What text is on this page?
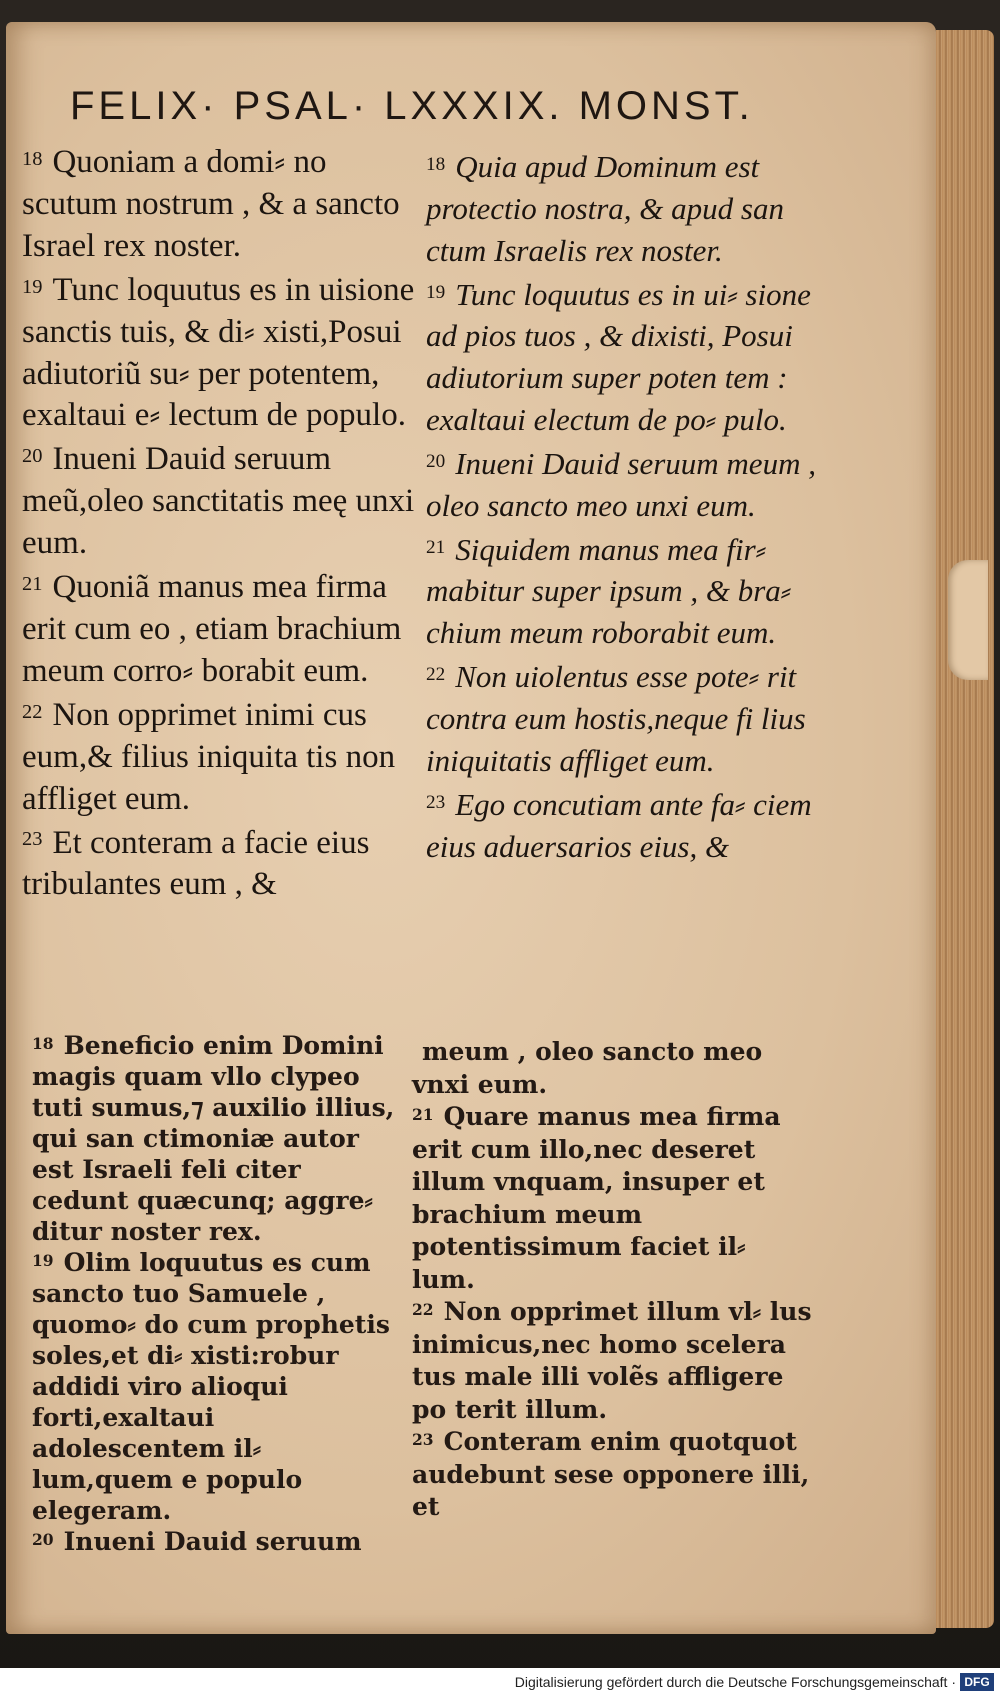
FELIX· PSAL· LXXXIX. MONST.
$^{18}$ Quoniam a domi⸗ no scutum nostrum , & a sancto Israel rex noster.
$^{19}$ Tunc loquutus es in uisione sanctis tuis, & di⸗ xisti,Posui adiutoriũ su⸗ per potentem, exaltaui e⸗ lectum de populo.
$^{20}$ Inueni Dauid seruum meũ,oleo sanctitatis meę unxi eum.
$^{21}$ Quoniã manus mea firma erit cum eo , etiam brachium meum corro⸗ borabit eum.
$^{22}$ Non opprimet inimi cus eum,& filius iniquita tis non affliget eum.
$^{23}$ Et conteram a facie eius tribulantes eum , &
$^{18}$ Quia apud Dominum est protectio nostra, & apud san ctum Israelis rex noster.
$^{19}$ Tunc loquutus es in ui⸗ sione ad pios tuos , & dixisti, Posui adiutorium super poten tem : exaltaui electum de po⸗ pulo.
$^{20}$ Inueni Dauid seruum meum , oleo sancto meo unxi eum.
$^{21}$ Siquidem manus mea fir⸗ mabitur super ipsum , & bra⸗ chium meum roborabit eum.
$^{22}$ Non uiolentus esse pote⸗ rit contra eum hostis,neque fi lius iniquitatis affliget eum.
$^{23}$ Ego concutiam ante fa⸗ ciem eius aduersarios eius, &
$^{18}$ Beneficio enim Domini magis quam vllo clypeo tuti sumus,⁊ auxilio illius, qui san ctimoniæ autor est Israeli feli citer cedunt quæcunq; aggre⸗ ditur noster rex.
$^{19}$ Olim loquutus es cum sancto tuo Samuele , quomo⸗ do cum prophetis soles,et di⸗ xisti:robur addidi viro alioqui forti,exaltaui adolescentem il⸗ lum,quem e populo elegeram.
$^{20}$ Inueni Dauid seruum
meum , oleo sancto meo vnxi eum.
$^{21}$ Quare manus mea firma erit cum illo,nec deseret illum vnquam, insuper et brachium meum potentissimum faciet il⸗ lum.
$^{22}$ Non opprimet illum vl⸗ lus inimicus,nec homo scelera tus male illi volẽs affligere po terit illum.
$^{23}$ Conteram enim quotquot audebunt sese opponere illi, et
Digitalisierung gefördert durch die Deutsche Forschungsgemeinschaft · DFG
